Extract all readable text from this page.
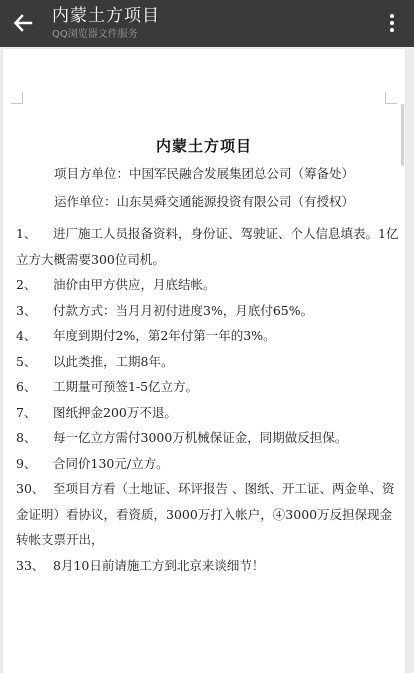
内蒙土方项目
QQ浏览器文件服务
内蒙土方项目
项目方单位：中国军民融合发展集团总公司（筹备处）
运作单位：山东昊舜交通能源投资有限公司（有授权）
1、 进厂施工人员报备资料，身份证、驾驶证、个人信息填表。1亿立方大概需要300位司机。
2、 油价由甲方供应，月底结帐。
3、 付款方式：当月月初付进度3%，月底付65%。
4、 年度到期付2%，第2年付第一年的3%。
5、 以此类推，工期8年。
6、 工期量可预签1-5亿立方。
7、 图纸押金200万不退。
8、 每一亿立方需付3000万机械保证金，同期做反担保。
9、 合同价130元/立方。
30、 至项目方看（土地证、环评报告 、图纸、开工证、两金单、资金证明）看协议，看资质，3000万打入帐户，④3000万反担保现金转帐支票开出，
33、 8月10日前请施工方到北京来谈细节！
